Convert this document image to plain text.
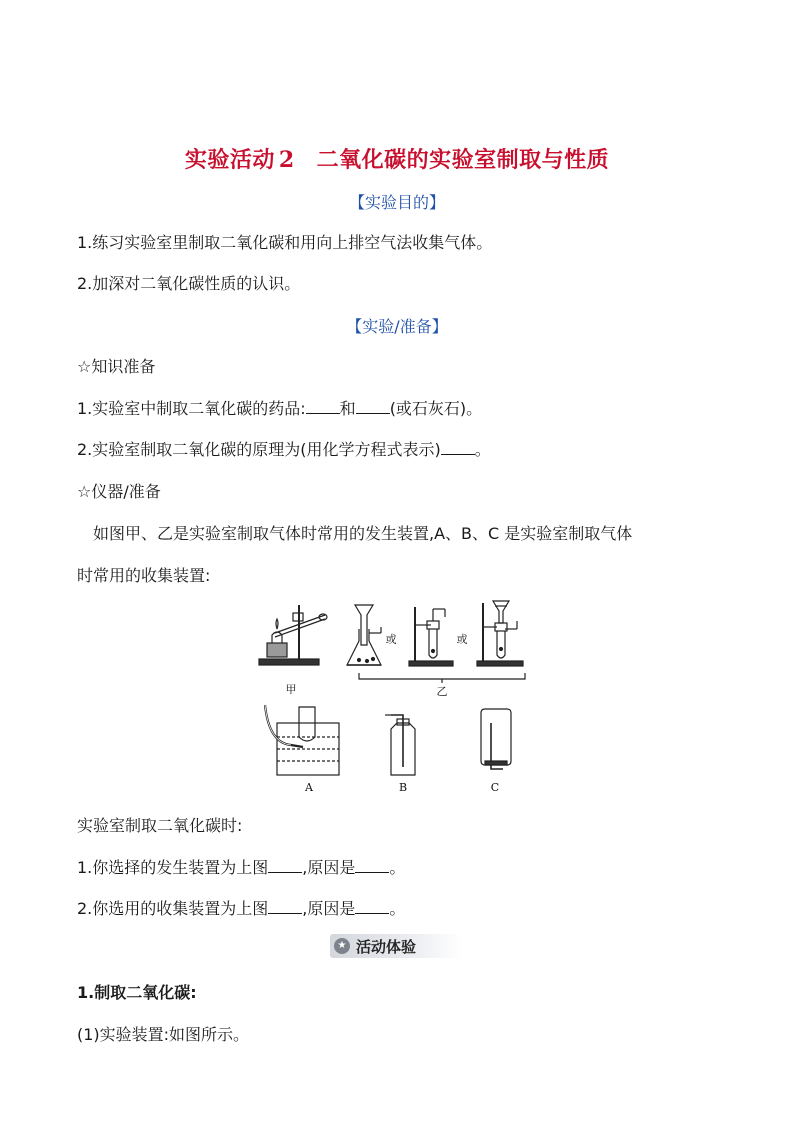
实验活动 2 二氧化碳的实验室制取与性质
【实验目的】
1.练习实验室里制取二氧化碳和用向上排空气法收集气体。
2.加深对二氧化碳性质的认识。
【实验/准备】
☆知识准备
1.实验室中制取二氧化碳的药品: 和 (或石灰石)。
2.实验室制取二氧化碳的原理为(用化学方程式表示) 。
☆仪器/准备
如图甲、乙是实验室制取气体时常用的发生装置,A、B、C 是实验室制取气体
时常用的收集装置:
甲	乙
或	或
A	B	C
实验室制取二氧化碳时:
1.你选择的发生装置为上图 ,原因是 。
2.你选用的收集装置为上图 ,原因是 。
★ 活动体验
1.制取二氧化碳:
(1)实验装置:如图所示。
